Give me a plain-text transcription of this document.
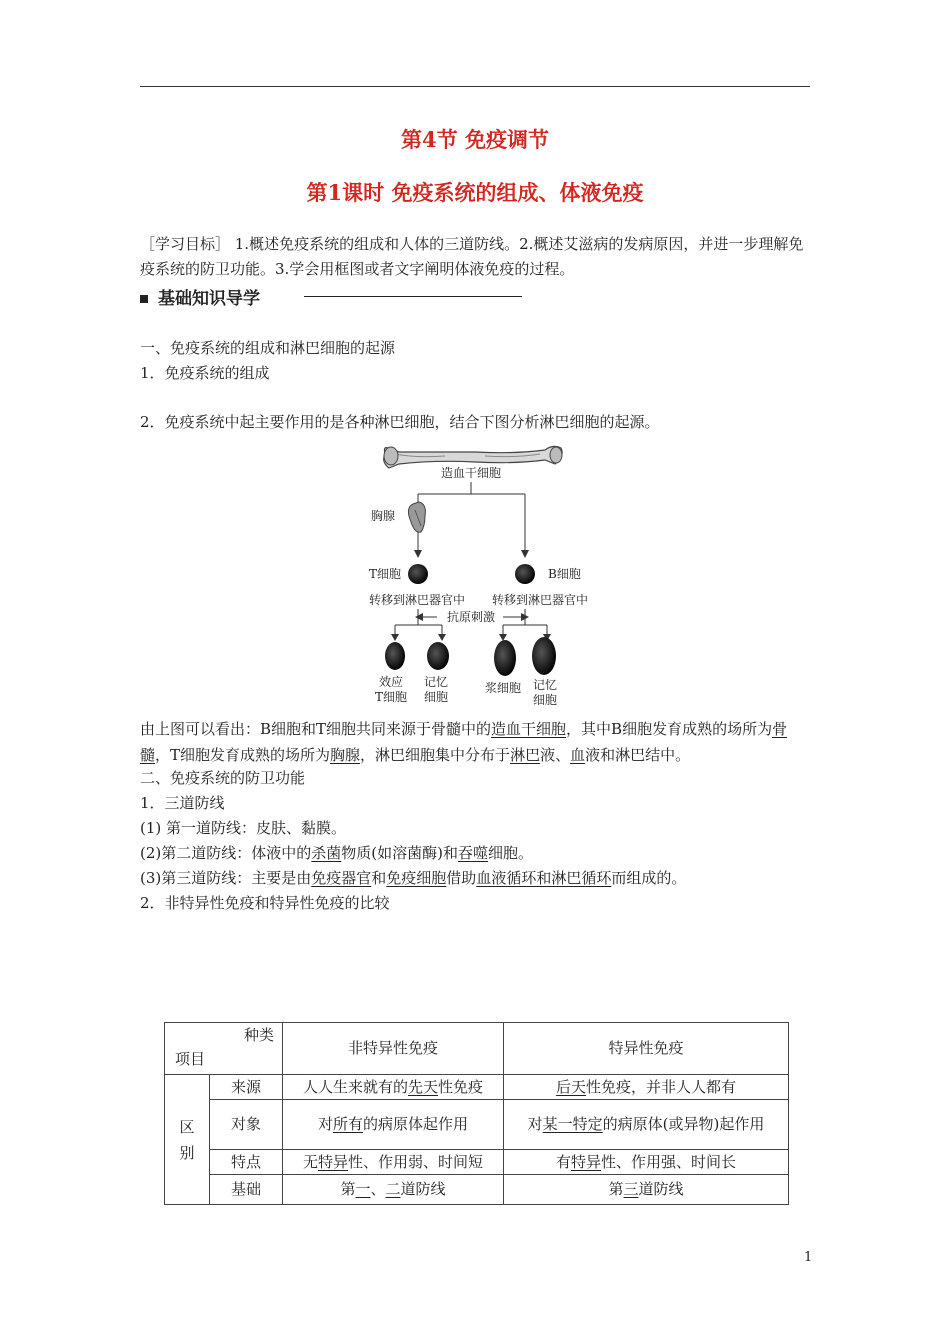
第4节 免疫调节
第1课时 免疫系统的组成、体液免疫
［学习目标］ 1.概述免疫系统的组成和人体的三道防线。2.概述艾滋病的发病原因，并进一步理解免疫系统的防卫功能。3.学会用框图或者文字阐明体液免疫的过程。
基础知识导学
一、免疫系统的组成和淋巴细胞的起源
1．免疫系统的组成
2．免疫系统中起主要作用的是各种淋巴细胞，结合下图分析淋巴细胞的起源。
造血干细胞
胸腺
T细胞	B细胞
转移到淋巴器官中 转移到淋巴器官中
抗原刺激
效应
T细胞
记忆
细胞
浆细胞 记忆
细胞
由上图可以看出：B细胞和T细胞共同来源于骨髓中的造血干细胞，其中B细胞发育成熟的场所为骨髓，T细胞发育成熟的场所为胸腺，淋巴细胞集中分布于淋巴液、血液和淋巴结中。
二、免疫系统的防卫功能
1．三道防线
(1) 第一道防线：皮肤、黏膜。
(2)第二道防线：体液中的杀菌物质(如溶菌酶)和吞噬细胞。
(3)第三道防线：主要是由免疫器官和免疫细胞借助血液循环和淋巴循环而组成的。
2．非特异性免疫和特异性免疫的比较
种类
项目		非特异性免疫	特异性免疫
区
别	来源	人人生来就有的先天性免疫	后天性免疫，并非人人都有
	对象	对所有的病原体起作用	对某一特定的病原体(或异物)起作用
	特点	无特异性、作用弱、时间短	有特异性、作用强、时间长
	基础	第一、二道防线	第三道防线
1
